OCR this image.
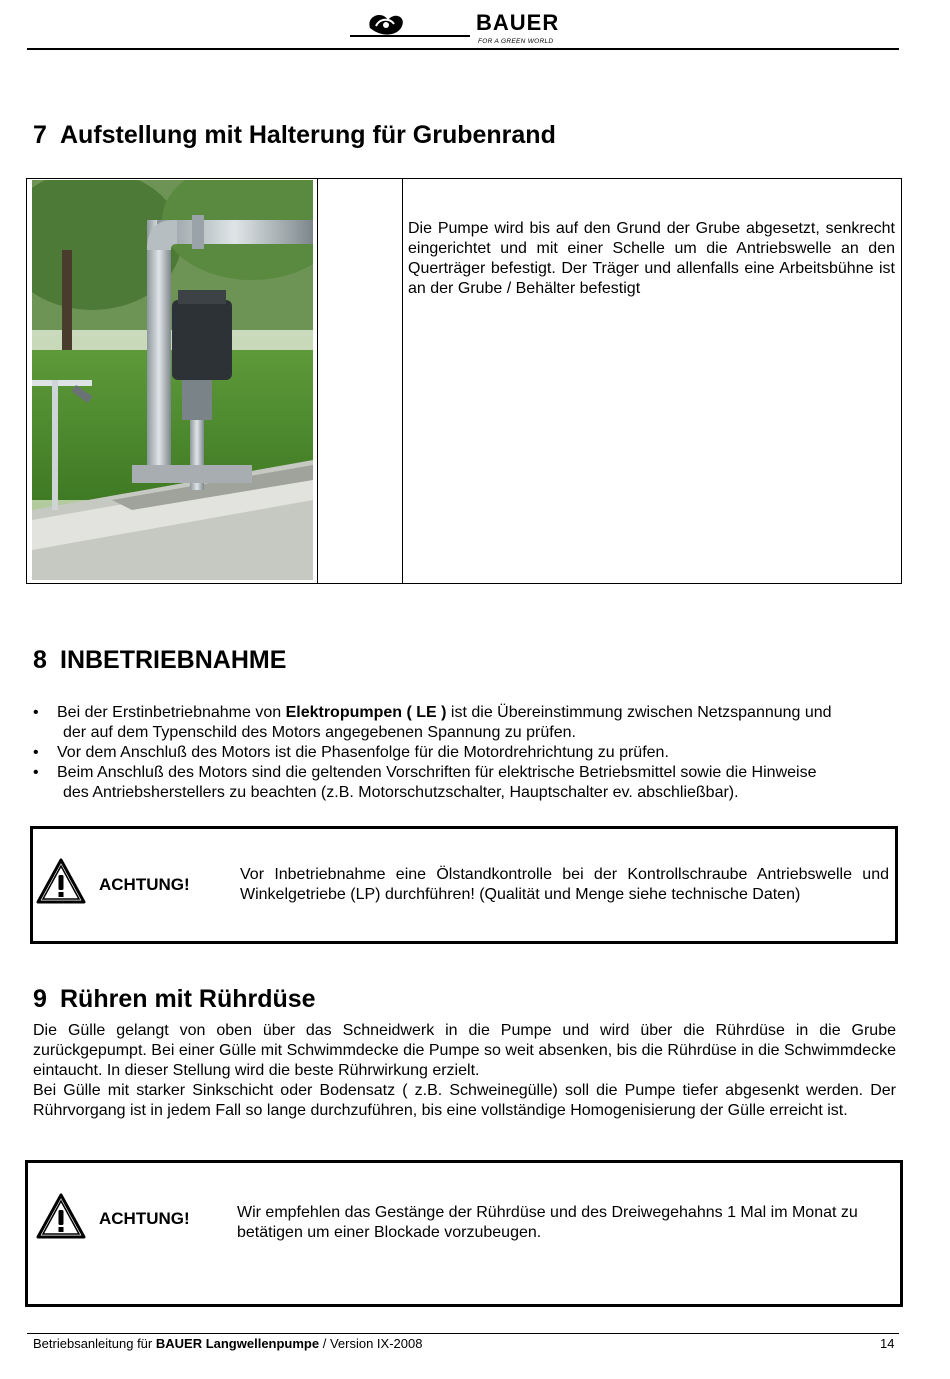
BAUER
FOR A GREEN WORLD
7 Aufstellung mit Halterung für Grubenrand
Die Pumpe wird bis auf den Grund der Grube abgesetzt, senkrecht eingerichtet und mit einer Schelle um die Antriebswelle an den Querträger befestigt. Der Träger und allenfalls eine Arbeitsbühne ist an der Grube / Behälter befestigt
8 INBETRIEBNAHME
• Bei der Erstinbetriebnahme von Elektropumpen ( LE ) ist die Übereinstimmung zwischen Netzspannung und
der auf dem Typenschild des Motors angegebenen Spannung zu prüfen.
• Vor dem Anschluß des Motors ist die Phasenfolge für die Motordrehrichtung zu prüfen.
• Beim Anschluß des Motors sind die geltenden Vorschriften für elektrische Betriebsmittel sowie die Hinweise
des Antriebsherstellers zu beachten (z.B. Motorschutzschalter, Hauptschalter ev. abschließbar).
ACHTUNG!
Vor Inbetriebnahme eine Ölstandkontrolle bei der Kontrollschraube Antriebswelle und Winkelgetriebe (LP) durchführen! (Qualität und Menge siehe technische Daten)
9 Rühren mit Rührdüse

Die Gülle gelangt von oben über das Schneidwerk in die Pumpe und wird über die Rührdüse in die Grube zurückgepumpt. Bei einer Gülle mit Schwimmdecke die Pumpe so weit absenken, bis die Rührdüse in die Schwimmdecke eintaucht. In dieser Stellung wird die beste Rührwirkung erzielt.

Bei Gülle mit starker Sinkschicht oder Bodensatz ( z.B. Schweinegülle) soll die Pumpe tiefer abgesenkt werden. Der Rührvorgang ist in jedem Fall so lange durchzuführen, bis eine vollständige Homogenisierung der Gülle erreicht ist.

ACHTUNG!	Wir empfehlen das Gestänge der Rührdüse und des Dreiwegehahns 1 Mal im Monat zu betätigen um einer Blockade vorzubeugen.
Betriebsanleitung für BAUER Langwellenpumpe / Version IX-2008	14
